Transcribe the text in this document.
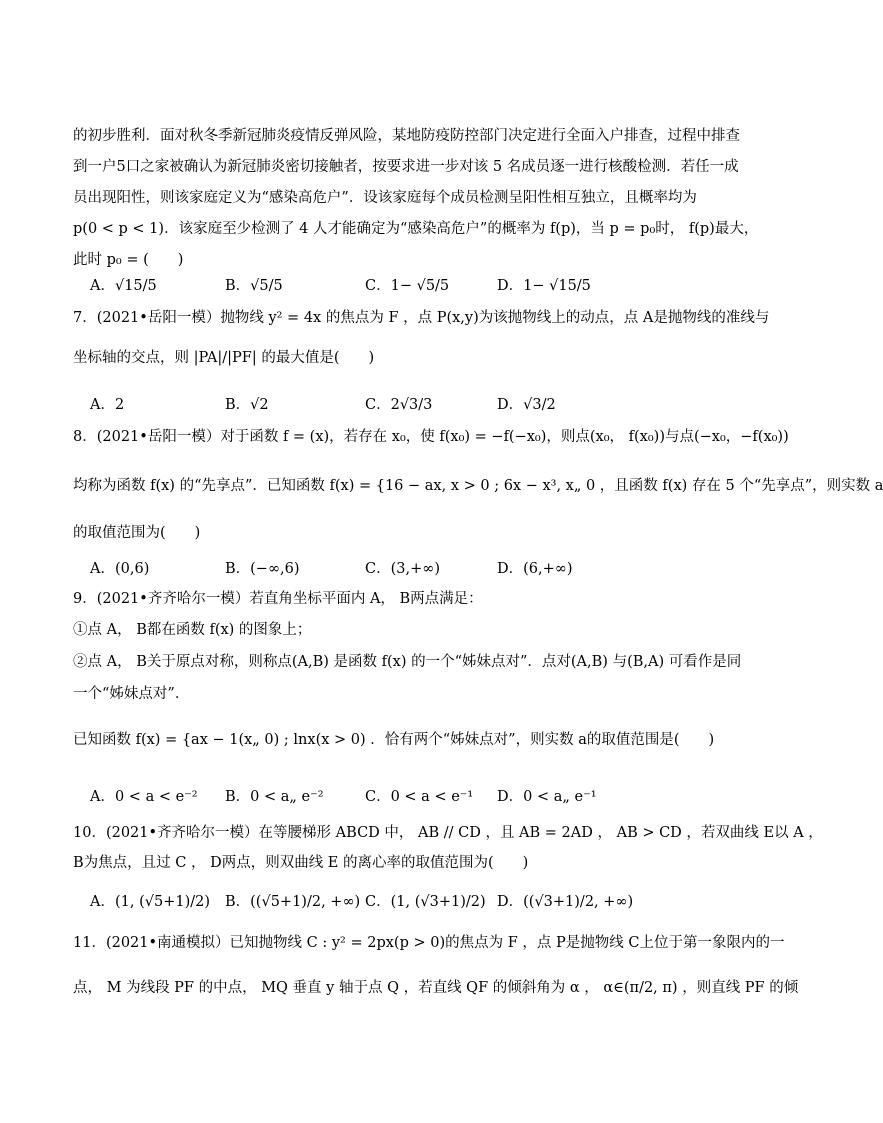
的初步胜利．面对秋冬季新冠肺炎疫情反弹风险，某地防疫防控部门决定进行全面入户排查，过程中排查
到一户5口之家被确认为新冠肺炎密切接触者，按要求进一步对该 5 名成员逐一进行核酸检测．若任一成
员出现阳性，则该家庭定义为“感染高危户”．设该家庭每个成员检测呈阳性相互独立，且概率均为
p(0 < p < 1)．该家庭至少检测了 4 人才能确定为“感染高危户”的概率为 f(p)，当 p = p₀时， f(p)最大，
此时 p₀ = (　　)
A．√15/5	B．√5/5	C．1− √5/5	D．1− √15/5
7．(2021•岳阳一模）抛物线 y² = 4x 的焦点为 F ，点 P(x,y)为该抛物线上的动点，点 A是抛物线的准线与
坐标轴的交点，则 |PA|/|PF| 的最大值是(　　)
A．2	B．√2	C．2√3/3	D．√3/2
8．(2021•岳阳一模）对于函数 f = (x)，若存在 x₀，使 f(x₀) = −f(−x₀)，则点(x₀， f(x₀))与点(−x₀，−f(x₀))
均称为函数 f(x) 的“先享点”．已知函数 f(x) = {16 − ax, x > 0 ; 6x − x³, x„ 0 ，且函数 f(x) 存在 5 个“先享点”，则实数 a
的取值范围为(　　)
A．(0,6)	B．(−∞,6)	C．(3,+∞)	D．(6,+∞)
9．(2021•齐齐哈尔一模）若直角坐标平面内 A， B两点满足：
①点 A， B都在函数 f(x) 的图象上；
②点 A， B关于原点对称，则称点(A,B) 是函数 f(x) 的一个“姊妹点对”．点对(A,B) 与(B,A) 可看作是同
一个“姊妹点对”．
已知函数 f(x) = {ax − 1(x„ 0) ; lnx(x > 0) ．恰有两个“姊妹点对”，则实数 a的取值范围是(　　)
A．0 < a < e⁻² B．0 < a„ e⁻²	C．0 < a < e⁻¹ D．0 < a„ e⁻¹
10．(2021•齐齐哈尔一模）在等腰梯形 ABCD 中， AB // CD ，且 AB = 2AD ， AB > CD ，若双曲线 E以 A ，
B为焦点，且过 C ， D两点，则双曲线 E 的离心率的取值范围为(　　)
A．(1, (√5+1)/2) B．((√5+1)/2, +∞) C．(1, (√3+1)/2) D．((√3+1)/2, +∞)
11．(2021•南通模拟）已知抛物线 C : y² = 2px(p > 0)的焦点为 F ，点 P是抛物线 C上位于第一象限内的一
点， M 为线段 PF 的中点， MQ 垂直 y 轴于点 Q ，若直线 QF 的倾斜角为 α ， α∈(π/2, π) ，则直线 PF 的倾
